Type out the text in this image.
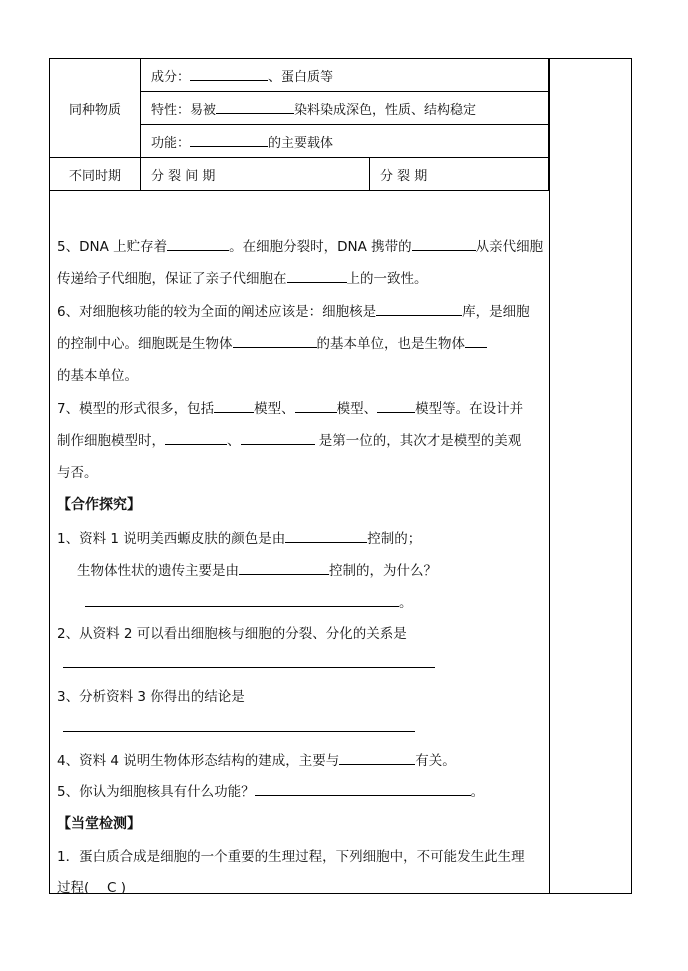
同种物质	成分： 、蛋白质等	
	特性：易被 染料染成深色，性质、结构稳定	
	功能： 的主要载体	
不同时期	分 裂 间 期	分 裂 期
5、DNA 上贮存着	。在细胞分裂时，DNA 携带的	从亲代细胞
传递给子代细胞，保证了亲子代细胞在	上的一致性。
6、对细胞核功能的较为全面的阐述应该是：细胞核是	库，是细胞
的控制中心。细胞既是生物体	的基本单位，也是生物体
的基本单位。
7、模型的形式很多，包括	模型、	模型、	模型等。在设计并
制作细胞模型时，	、	是第一位的，其次才是模型的美观
与否。
【合作探究】
1、资料 1 说明美西螈皮肤的颜色是由	控制的；
生物体性状的遗传主要是由	控制的，为什么？
。
2、从资料 2 可以看出细胞核与细胞的分裂、分化的关系是
3、分析资料 3 你得出的结论是
4、资料 4 说明生物体形态结构的建成，主要与	有关。
5、你认为细胞核具有什么功能？	。
【当堂检测】
1．蛋白质合成是细胞的一个重要的生理过程，下列细胞中，不可能发生此生理
过程(　 C )
